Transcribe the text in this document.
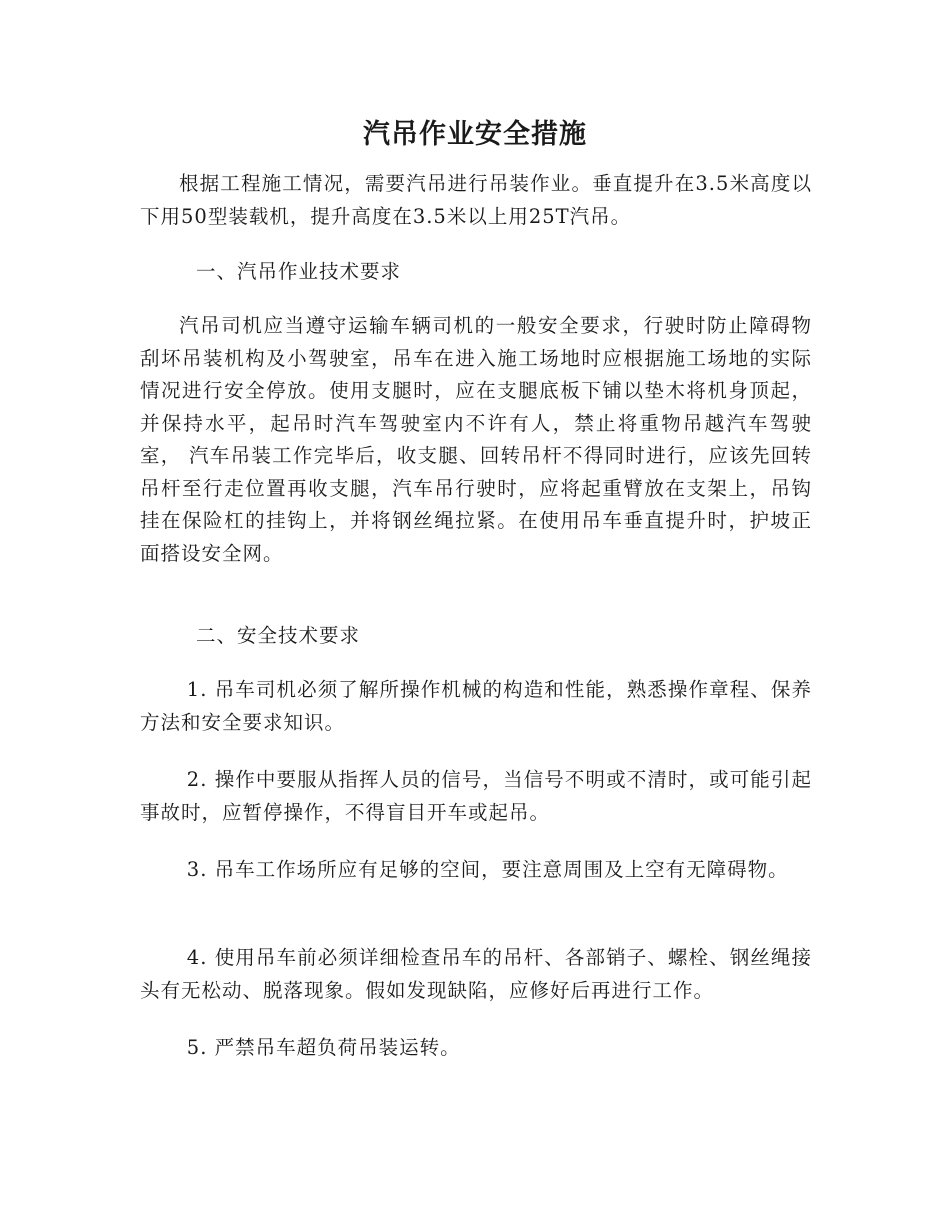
汽吊作业安全措施

根据工程施工情况，需要汽吊进行吊装作业。垂直提升在3.5米高度以下用50型装载机，提升高度在3.5米以上用25T汽吊。

一、汽吊作业技术要求

汽吊司机应当遵守运输车辆司机的一般安全要求，行驶时防止障碍物刮坏吊装机构及小驾驶室，吊车在进入施工场地时应根据施工场地的实际情况进行安全停放。使用支腿时，应在支腿底板下铺以垫木将机身顶起，并保持水平，起吊时汽车驾驶室内不许有人，禁止将重物吊越汽车驾驶室， 汽车吊装工作完毕后，收支腿、回转吊杆不得同时进行，应该先回转吊杆至行走位置再收支腿，汽车吊行驶时，应将起重臂放在支架上，吊钩挂在保险杠的挂钩上，并将钢丝绳拉紧。在使用吊车垂直提升时，护坡正面搭设安全网。

二、安全技术要求

1. 吊车司机必须了解所操作机械的构造和性能，熟悉操作章程、保养方法和安全要求知识。

2. 操作中要服从指挥人员的信号，当信号不明或不清时，或可能引起事故时，应暂停操作，不得盲目开车或起吊。

3. 吊车工作场所应有足够的空间，要注意周围及上空有无障碍物。

4. 使用吊车前必须详细检查吊车的吊杆、各部销子、螺栓、钢丝绳接头有无松动、脱落现象。假如发现缺陷，应修好后再进行工作。

5. 严禁吊车超负荷吊装运转。
